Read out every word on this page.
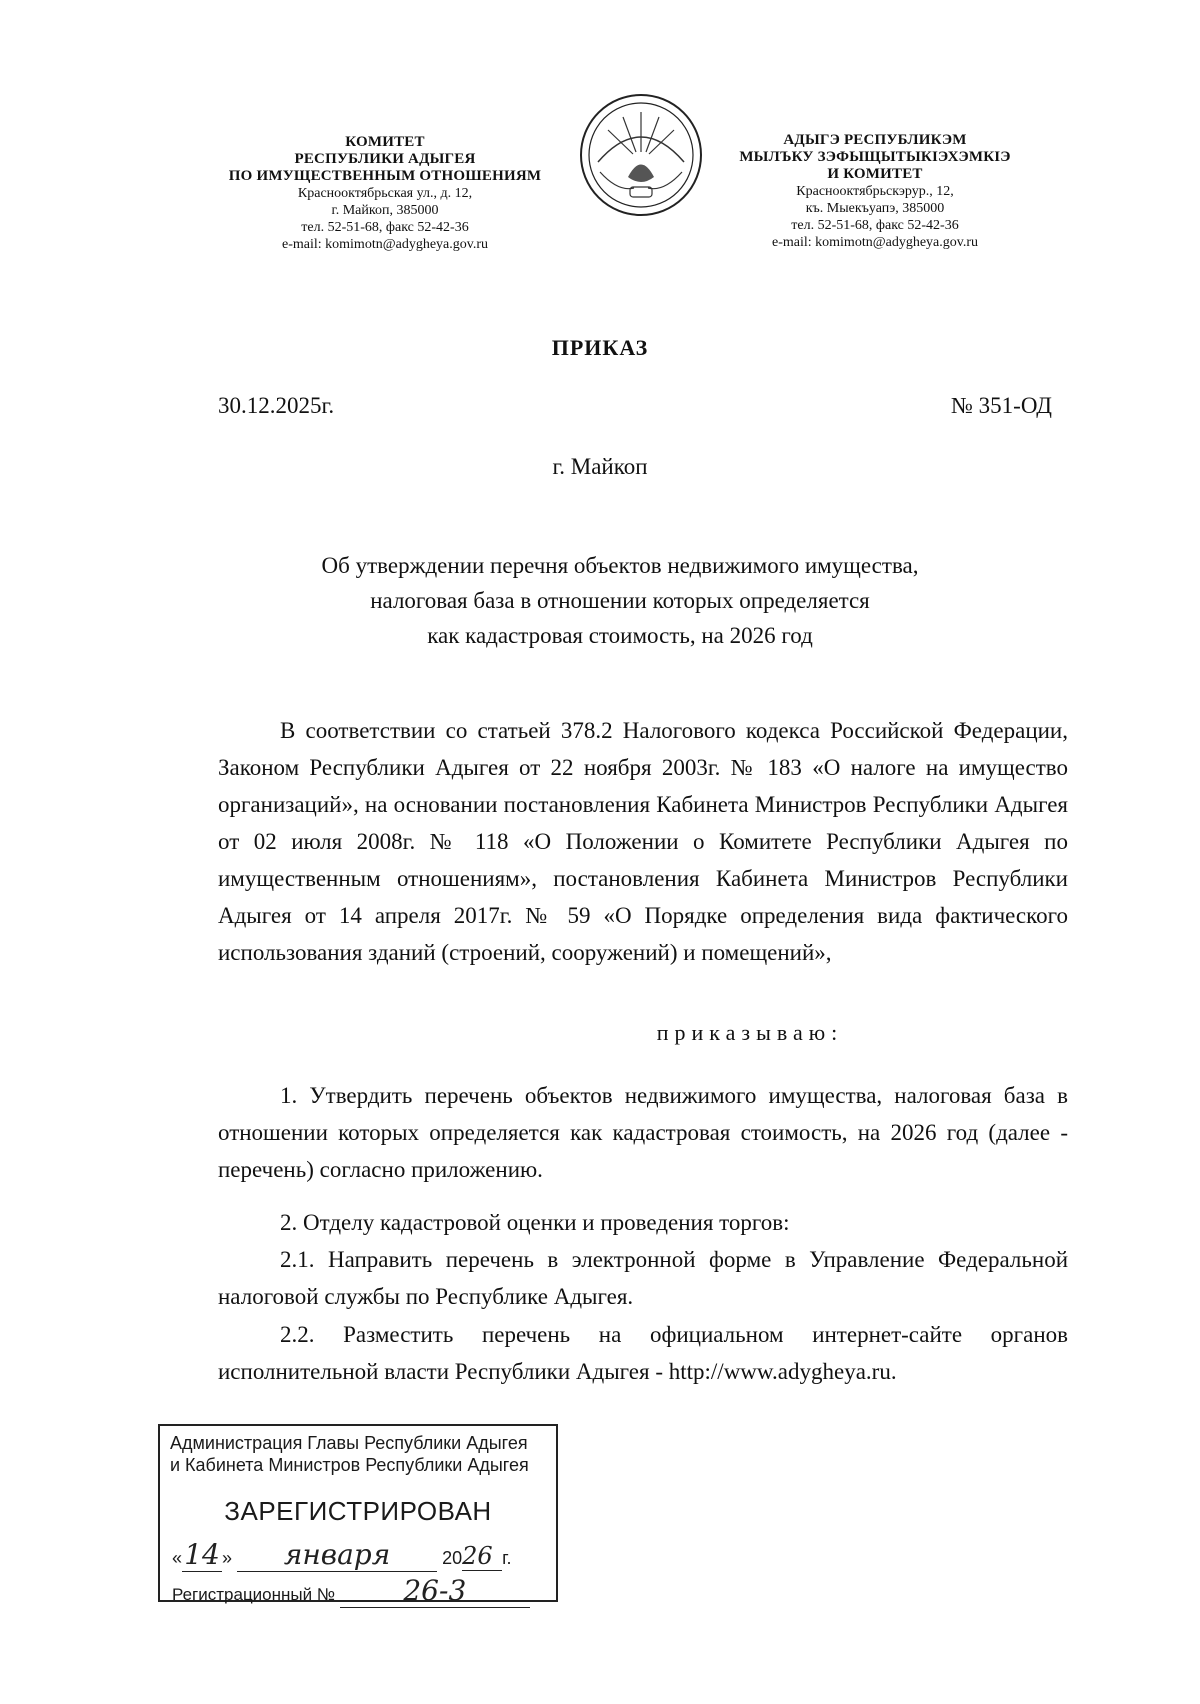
КОМИТЕТ
РЕСПУБЛИКИ АДЫГЕЯ
ПО ИМУЩЕСТВЕННЫМ ОТНОШЕНИЯМ
Краснооктябрьская ул., д. 12,
г. Майкоп, 385000
тел. 52-51-68, факс 52-42-36
e-mail: komimotn@adygheya.gov.ru
АДЫГЭ РЕСПУБЛИКЭМ
МЫЛЪКУ ЗЭФЫЩЫТЫКIЭХЭМКIЭ
И КОМИТЕТ
Краснооктябрьскэрур., 12,
къ. Мыекъуапэ, 385000
тел. 52-51-68, факс 52-42-36
e-mail: komimotn@adygheya.gov.ru
ПРИКАЗ
30.12.2025г.	№ 351-ОД
г. Майкоп
Об утверждении перечня объектов недвижимого имущества,
налоговая база в отношении которых определяется
как кадастровая стоимость, на 2026 год
В соответствии со статьей 378.2 Налогового кодекса Российской Федерации, Законом Республики Адыгея от 22 ноября 2003г. № 183 «О налоге на имущество организаций», на основании постановления Кабинета Министров Республики Адыгея от 02 июля 2008г. № 118 «О Положении о Комитете Республики Адыгея по имущественным отношениям», постановления Кабинета Министров Республики Адыгея от 14 апреля 2017г. № 59 «О Порядке определения вида фактического использования зданий (строений, сооружений) и помещений»,
приказываю:
1. Утвердить перечень объектов недвижимого имущества, налоговая база в отношении которых определяется как кадастровая стоимость, на 2026 год (далее - перечень) согласно приложению.
2. Отделу кадастровой оценки и проведения торгов:
2.1. Направить перечень в электронной форме в Управление Федеральной налоговой службы по Республике Адыгея.
2.2. Разместить перечень на официальном интернет-сайте органов исполнительной власти Республики Адыгея - http://www.adygheya.ru.
Администрация Главы Республики Адыгея
и Кабинета Министров Республики Адыгея
ЗАРЕГИСТРИРОВАН
«14 » января	2026 г.
Регистрационный № 26-3
